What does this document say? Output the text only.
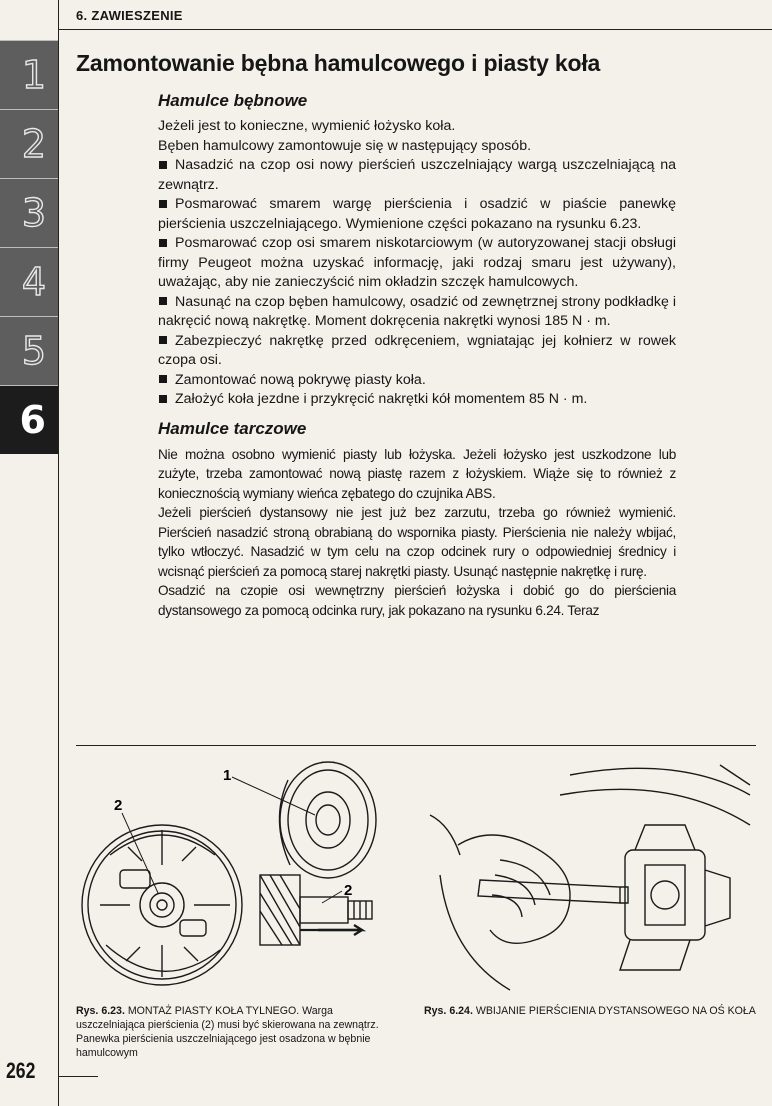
1
2
3
4
5
6
6. ZAWIESZENIE
Zamontowanie bębna hamulcowego i piasty koła
Hamulce bębnowe

Jeżeli jest to konieczne, wymienić łożysko koła.

Bęben hamulcowy zamontowuje się w następujący sposób.

Nasadzić na czop osi nowy pierścień uszczelniający wargą uszczelniającą na zewnątrz.

Posmarować smarem wargę pierścienia i osadzić w piaście panewkę pierścienia uszczelniającego. Wymienione części pokazano na rysunku 6.23.

Posmarować czop osi smarem niskotarciowym (w autoryzowanej stacji obsługi firmy Peugeot można uzyskać informację, jaki rodzaj smaru jest używany), uważając, aby nie zanieczyścić nim okładzin szczęk hamulcowych.

Nasunąć na czop bęben hamulcowy, osadzić od zewnętrznej strony podkładkę i nakręcić nową nakrętkę. Moment dokręcenia nakrętki wynosi 185 N · m.

Zabezpieczyć nakrętkę przed odkręceniem, wgniatając jej kołnierz w rowek czopa osi.

Zamontować nową pokrywę piasty koła.

Założyć koła jezdne i przykręcić nakrętki kół momentem 85 N · m.

Hamulce tarczowe

Nie można osobno wymienić piasty lub łożyska. Jeżeli łożysko jest uszkodzone lub zużyte, trzeba zamontować nową piastę razem z łożyskiem. Wiąże się to również z koniecznością wymiany wieńca zębatego do czujnika ABS.

Jeżeli pierścień dystansowy nie jest już bez zarzutu, trzeba go również wymienić. Pierścień nasadzić stroną obrabianą do wspornika piasty. Pierścienia nie należy wbijać, tylko wtłoczyć. Nasadzić w tym celu na czop odcinek rury o odpowiedniej średnicy i wcisnąć pierścień za pomocą starej nakrętki piasty. Usunąć następnie nakrętkę i rurę.

Osadzić na czopie osi wewnętrzny pierścień łożyska i dobić go do pierścienia dystansowego za pomocą odcinka rury, jak pokazano na rysunku 6.24. Teraz

1
2
2
Rys. 6.23. MONTAŻ PIASTY KOŁA TYLNEGO. Warga uszczelniająca pierścienia (2) musi być skierowana na zewnątrz. Panewka pierścienia uszczelniającego jest osadzona w bębnie hamulcowym
Rys. 6.24. WBIJANIE PIERŚCIENIA DYSTANSOWEGO NA OŚ KOŁA
262
